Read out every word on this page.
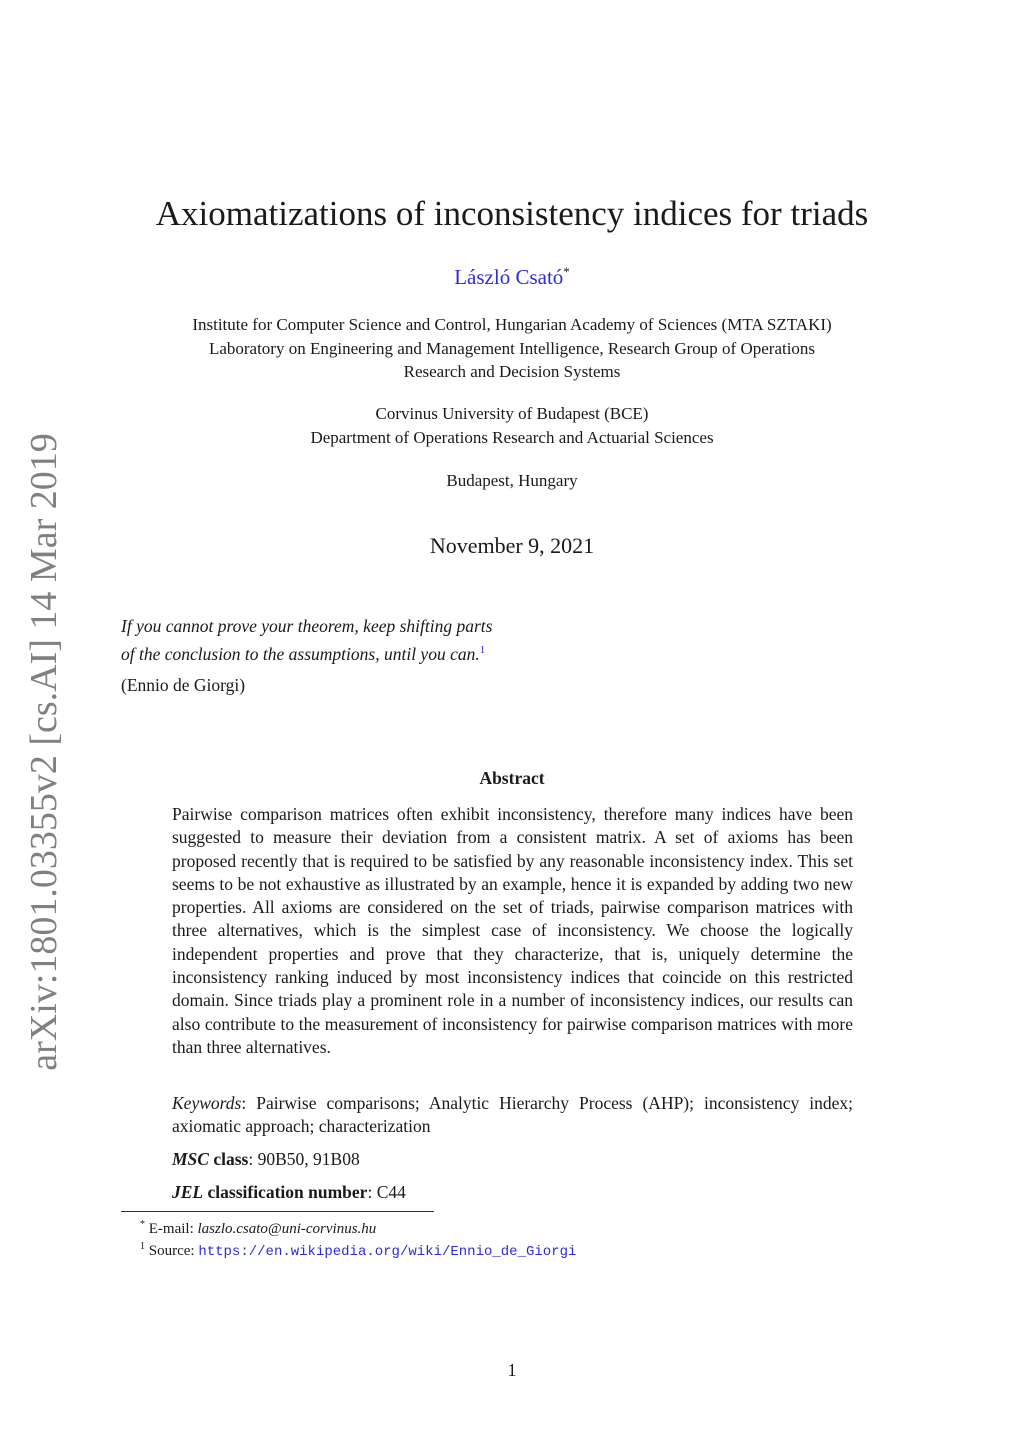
arXiv:1801.03355v2 [cs.AI] 14 Mar 2019
Axiomatizations of inconsistency indices for triads
László Csató*
Institute for Computer Science and Control, Hungarian Academy of Sciences (MTA SZTAKI)
Laboratory on Engineering and Management Intelligence, Research Group of Operations
Research and Decision Systems
Corvinus University of Budapest (BCE)
Department of Operations Research and Actuarial Sciences
Budapest, Hungary
November 9, 2021
If you cannot prove your theorem, keep shifting parts
of the conclusion to the assumptions, until you can.$^1$
(Ennio de Giorgi)
Abstract
Pairwise comparison matrices often exhibit inconsistency, therefore many indices have been suggested to measure their deviation from a consistent matrix. A set of axioms has been proposed recently that is required to be satisfied by any reasonable inconsistency index. This set seems to be not exhaustive as illustrated by an example, hence it is expanded by adding two new properties. All axioms are considered on the set of triads, pairwise comparison matrices with three alternatives, which is the simplest case of inconsistency. We choose the logically independent properties and prove that they characterize, that is, uniquely determine the inconsistency ranking induced by most inconsistency indices that coincide on this restricted domain. Since triads play a prominent role in a number of inconsistency indices, our results can also contribute to the measurement of inconsistency for pairwise comparison matrices with more than three alternatives.
Keywords: Pairwise comparisons; Analytic Hierarchy Process (AHP); inconsistency index; axiomatic approach; characterization
MSC class: 90B50, 91B08
JEL classification number: C44
* E-mail: laszlo.csato@uni-corvinus.hu
$^1$ Source: https://en.wikipedia.org/wiki/Ennio_de_Giorgi
1
